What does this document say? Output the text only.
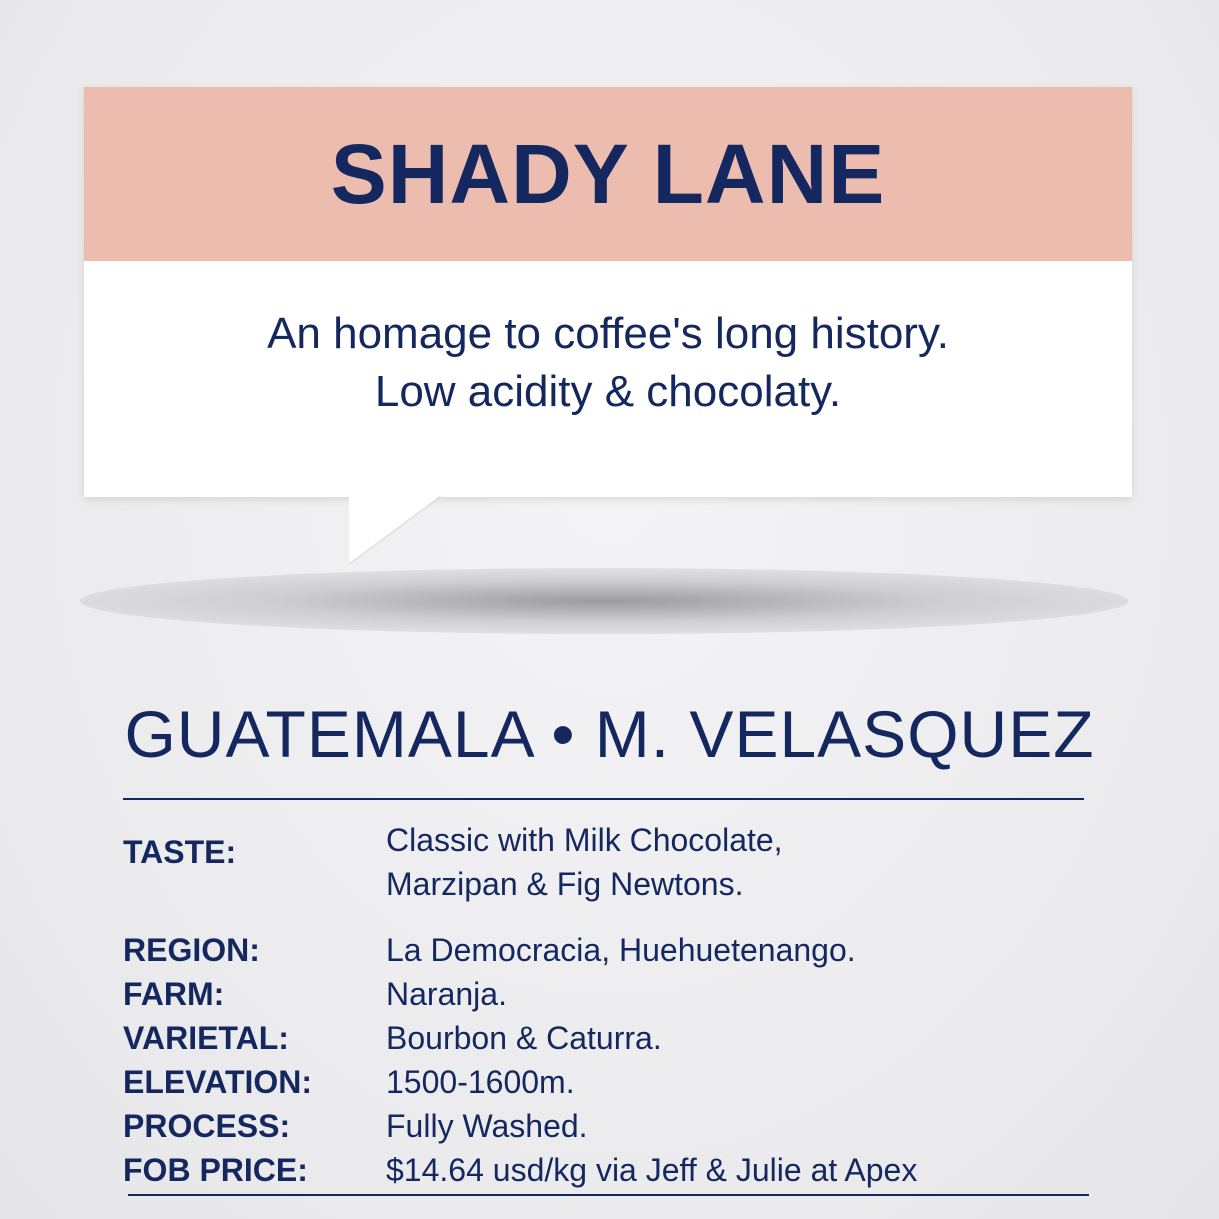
SHADY LANE
An homage to coffee's long history.
Low acidity & chocolaty.
GUATEMALA • M. VELASQUEZ
TASTE:	Classic with Milk Chocolate,
Marzipan & Fig Newtons.
REGION:	La Democracia, Huehuetenango.
FARM:	Naranja.
VARIETAL:	Bourbon & Caturra.
ELEVATION:	1500-1600m.
PROCESS:	Fully Washed.
FOB PRICE:	$14.64 usd/kg via Jeff & Julie at Apex
